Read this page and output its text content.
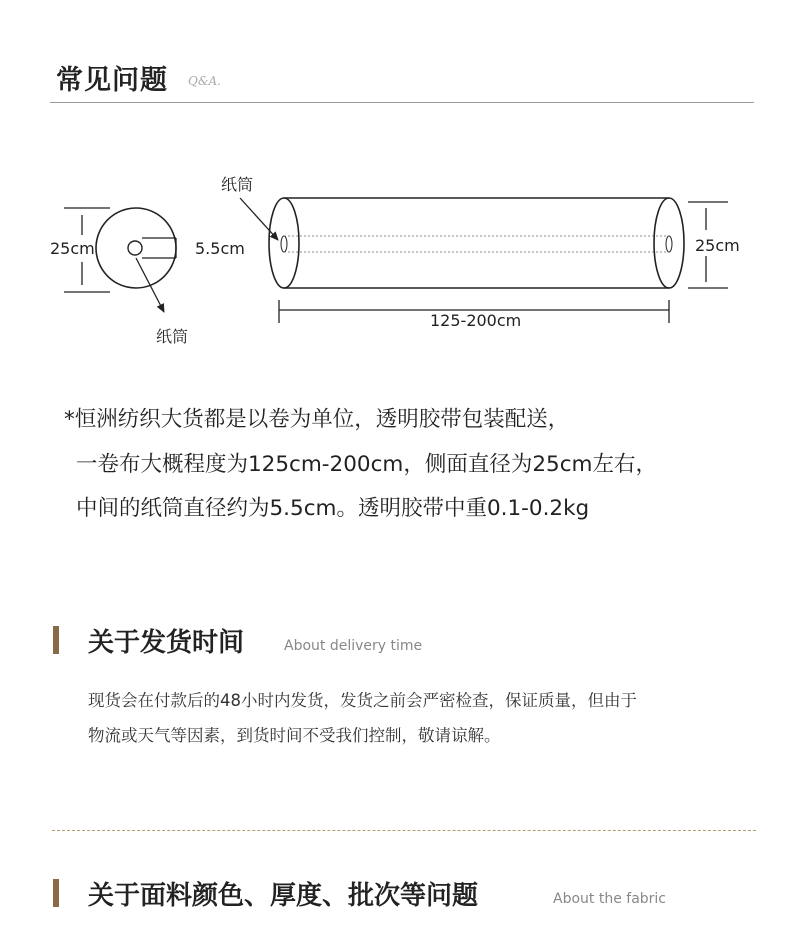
常见问题 Q&A.
25cm	5.5cm
纸筒
纸筒
25cm
125-200cm
*恒洲纺织大货都是以卷为单位，透明胶带包装配送，
一卷布大概程度为125cm-200cm，侧面直径为25cm左右，
中间的纸筒直径约为5.5cm。透明胶带中重0.1-0.2kg
关于发货时间	About delivery time
现货会在付款后的48小时内发货，发货之前会严密检查，保证质量，但由于
物流或天气等因素，到货时间不受我们控制，敬请谅解。
关于面料颜色、厚度、批次等问题	About the fabric
